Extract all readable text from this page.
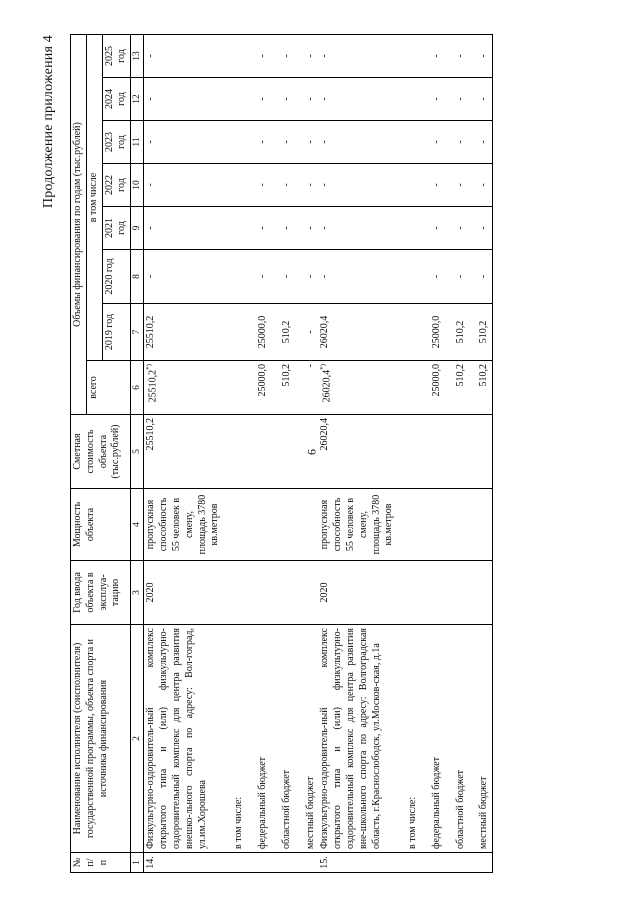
6
Продолжение приложения 4
№ п/п	Наименование исполнителя (соисполнителя) государственной программы, объекта спорта и источника финансирования	Год ввода объекта в эксплуа-тацию	Мощность объекта	Сметная стоимость объекта (тыс.рублей)	Объемы финансирования по годам (тыс.рублей)							
					всего	в том числе						
						2019 год	2020 год	2021 год	2022 год	2023 год	2024 год	2025 год
1	2	3	4	5	6	7	8	9	10	11	12	13
14.	Физкультурно-оздоровитель-ный комплекс открытого типа и (или) физкультурно-оздоровительный комплекс для центра развития внешко-льного спорта по адресу: Вол-гоград, ул.им.Хорошева	2020	пропускная способность 55 человек в смену, площадь 3780 кв.метров	25510,2	25510,2*)	25510,2	-	-	-	-	-	-
	в том числе:											
	федеральный бюджет				25000,0	25000,0	-	-	-	-	-	-
	областной бюджет				510,2	510,2	-	-	-	-	-	-
	местный бюджет				-	-	-	-	-	-	-	-
15.	Физкультурно-оздоровитель-ный комплекс открытого типа и (или) физкультурно-оздоровительный комплекс для центра развития вне-школьного спорта по адресу: Волгоградская область, г.Краснослободск, ул.Москов-ская, д.1а	2020	пропускная способность 55 человек в смену, площадь 3780 кв.метров	26020,4	26020,4*)	26020,4	-	-	-	-	-	-
	в том числе:											
	федеральный бюджет				25000,0	25000,0	-	-	-	-	-	-
	областной бюджет				510,2	510,2	-	-	-	-	-	-
	местный бюджет				510,2	510,2	-	-	-	-	-	-
